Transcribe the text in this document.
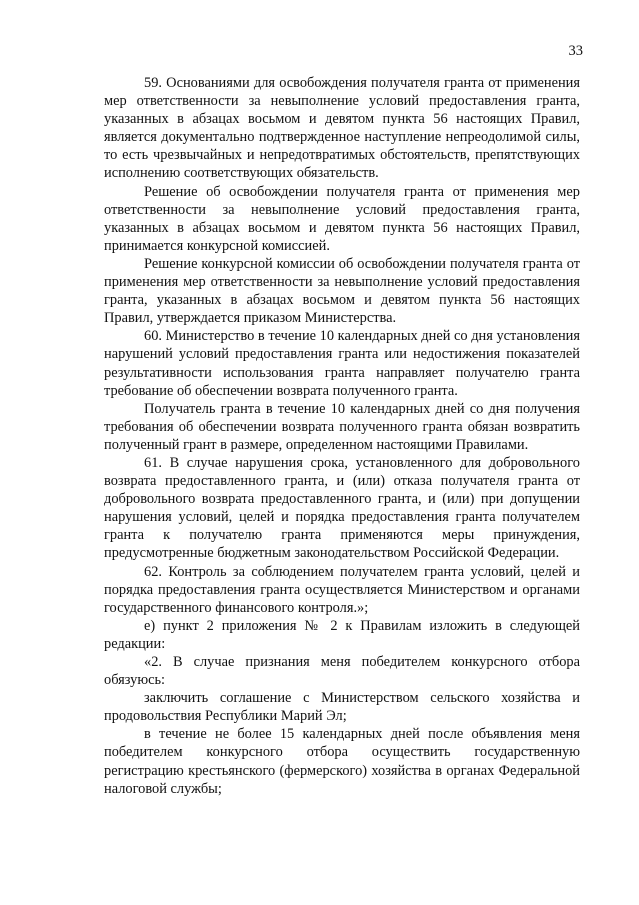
33

59. Основаниями для освобождения получателя гранта от применения мер ответственности за невыполнение условий предоставления гранта, указанных в абзацах восьмом и девятом пункта 56 настоящих Правил, является документально подтвержденное наступление непреодолимой силы, то есть чрезвычайных и непредотвратимых обстоятельств, препятствующих исполнению соответствующих обязательств.

Решение об освобождении получателя гранта от применения мер ответственности за невыполнение условий предоставления гранта, указанных в абзацах восьмом и девятом пункта 56 настоящих Правил, принимается конкурсной комиссией.

Решение конкурсной комиссии об освобождении получателя гранта от применения мер ответственности за невыполнение условий предоставления гранта, указанных в абзацах восьмом и девятом пункта 56 настоящих Правил, утверждается приказом Министерства.

60. Министерство в течение 10 календарных дней со дня установления нарушений условий предоставления гранта или недостижения показателей результативности использования гранта направляет получателю гранта требование об обеспечении возврата полученного гранта.

Получатель гранта в течение 10 календарных дней со дня получения требования об обеспечении возврата полученного гранта обязан возвратить полученный грант в размере, определенном настоящими Правилами.

61. В случае нарушения срока, установленного для добровольного возврата предоставленного гранта, и (или) отказа получателя гранта от добровольного возврата предоставленного гранта, и (или) при допущении нарушения условий, целей и порядка предоставления гранта получателем гранта к получателю гранта применяются меры принуждения, предусмотренные бюджетным законодательством Российской Федерации.

62. Контроль за соблюдением получателем гранта условий, целей и порядка предоставления гранта осуществляется Министерством и органами государственного финансового контроля.»;

е) пункт 2 приложения № 2 к Правилам изложить в следующей редакции:

«2. В случае признания меня победителем конкурсного отбора обязуюсь:

заключить соглашение с Министерством сельского хозяйства и продовольствия Республики Марий Эл;

в течение не более 15 календарных дней после объявления меня победителем конкурсного отбора осуществить государственную регистрацию крестьянского (фермерского) хозяйства в органах Федеральной налоговой службы;
